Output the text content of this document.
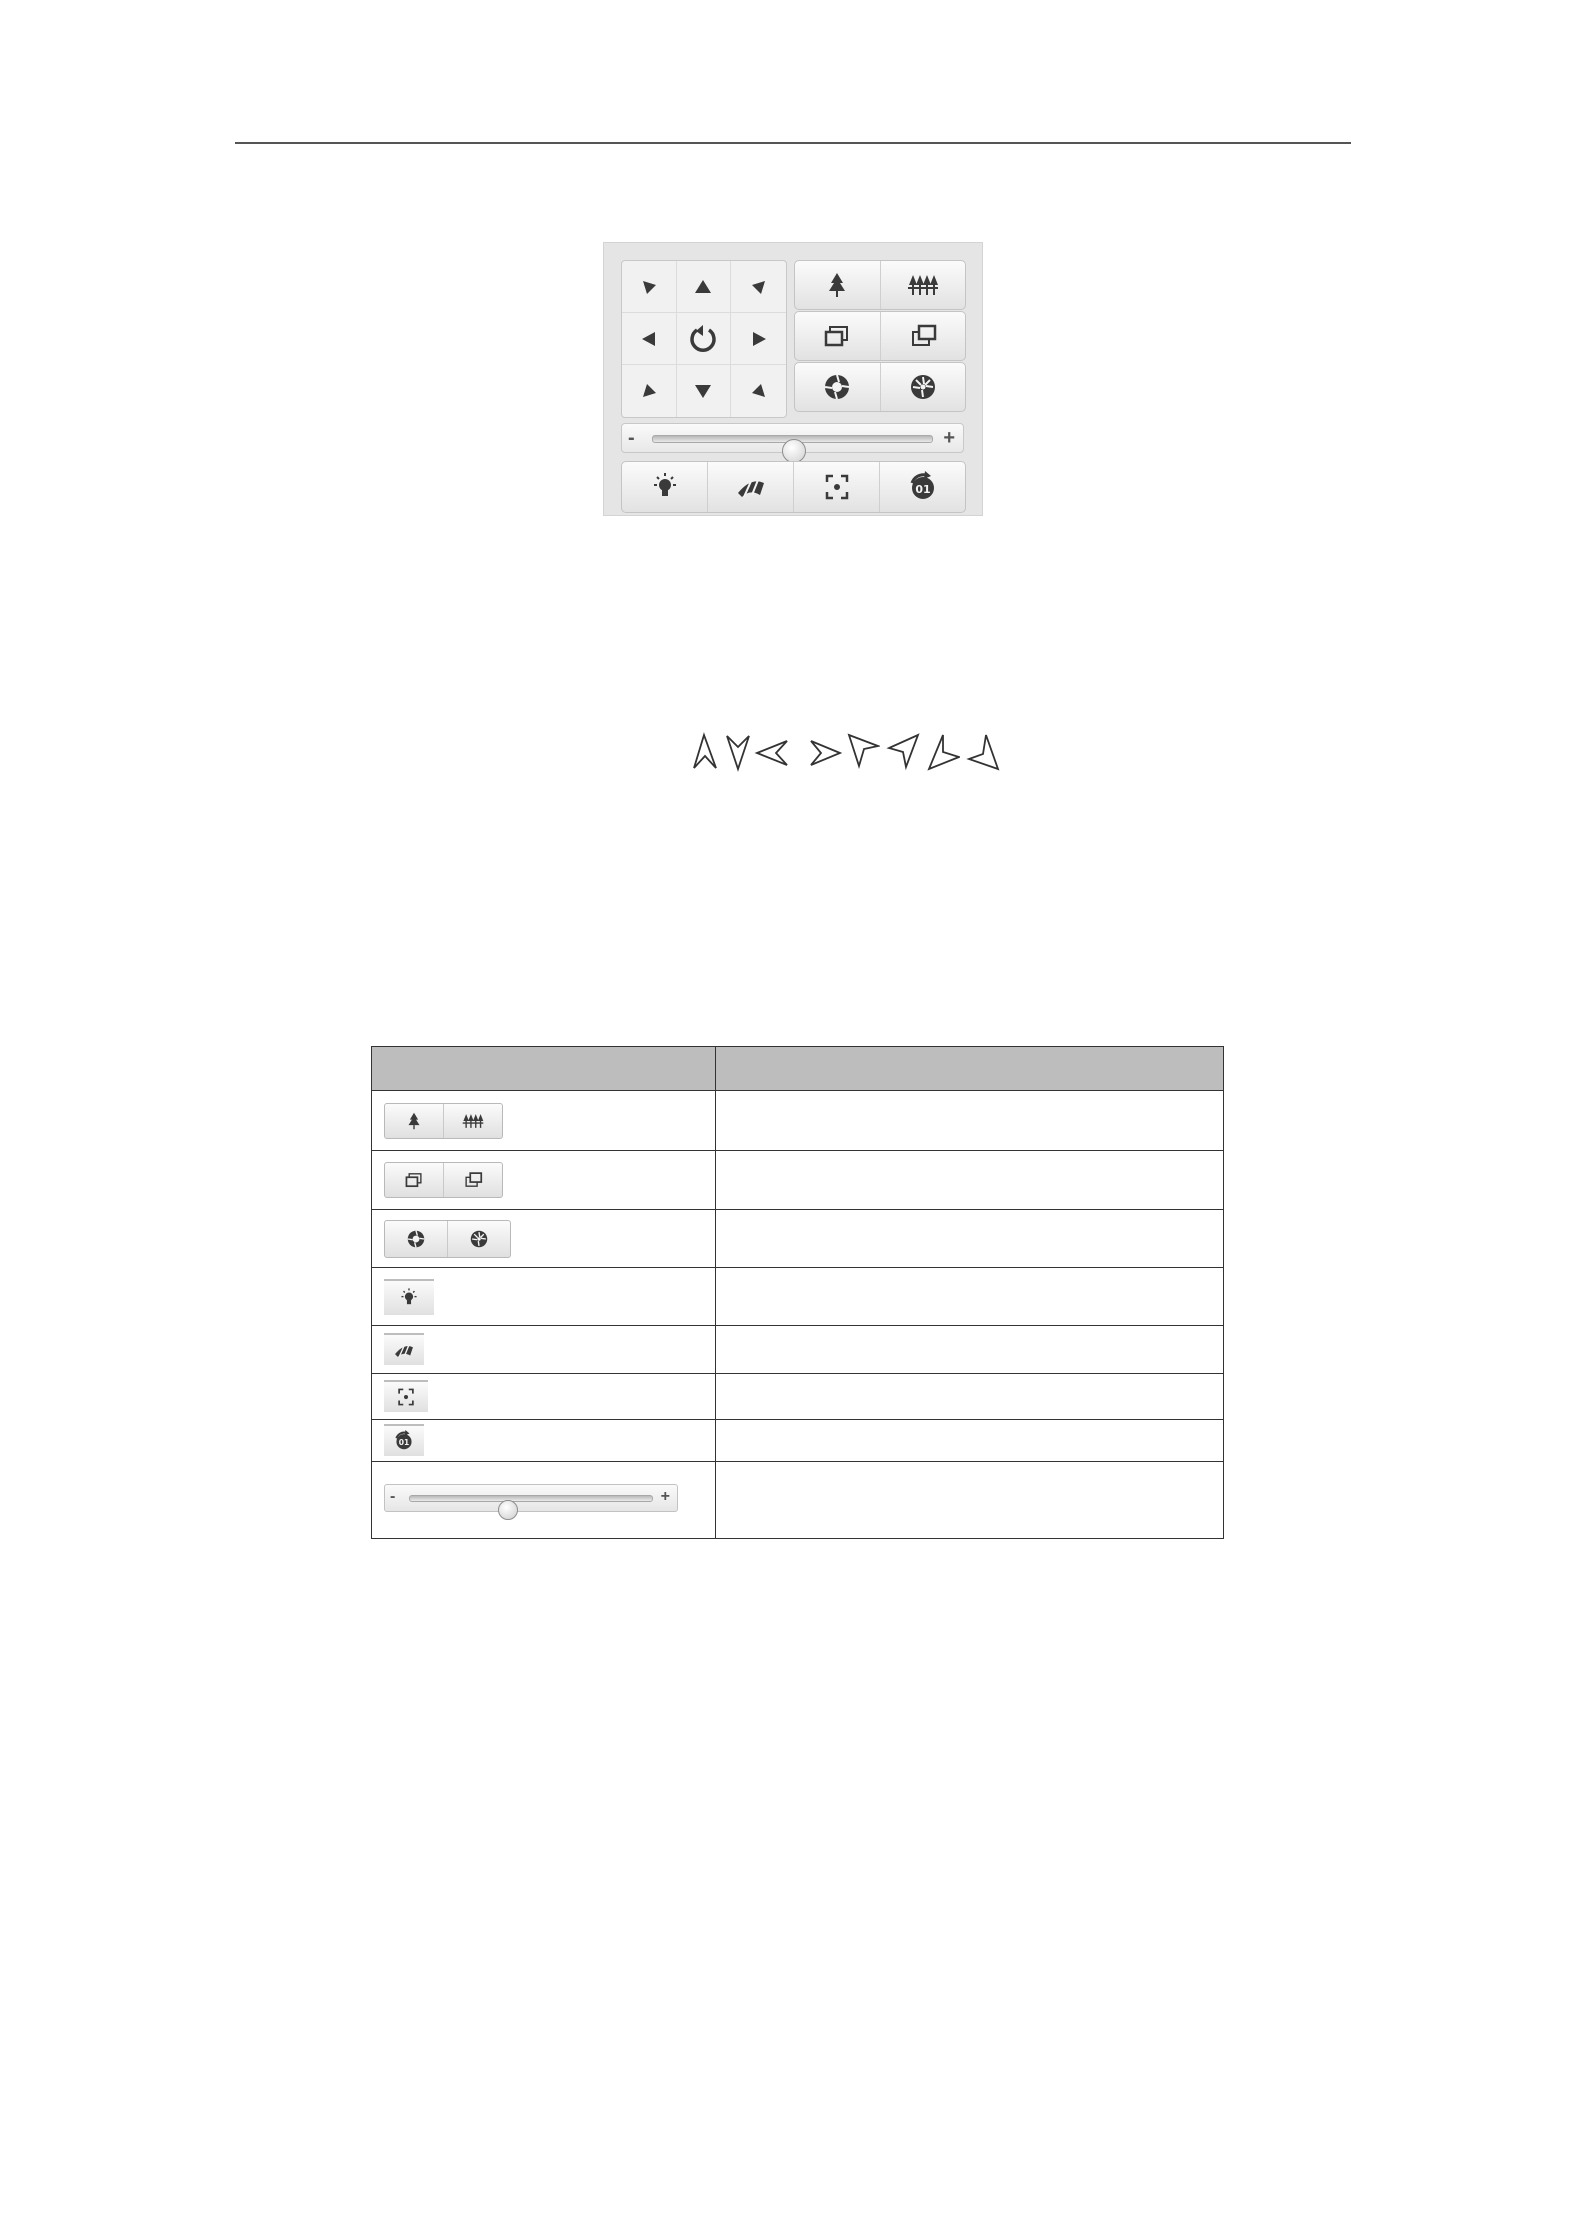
-	+
01

01	

- +	
